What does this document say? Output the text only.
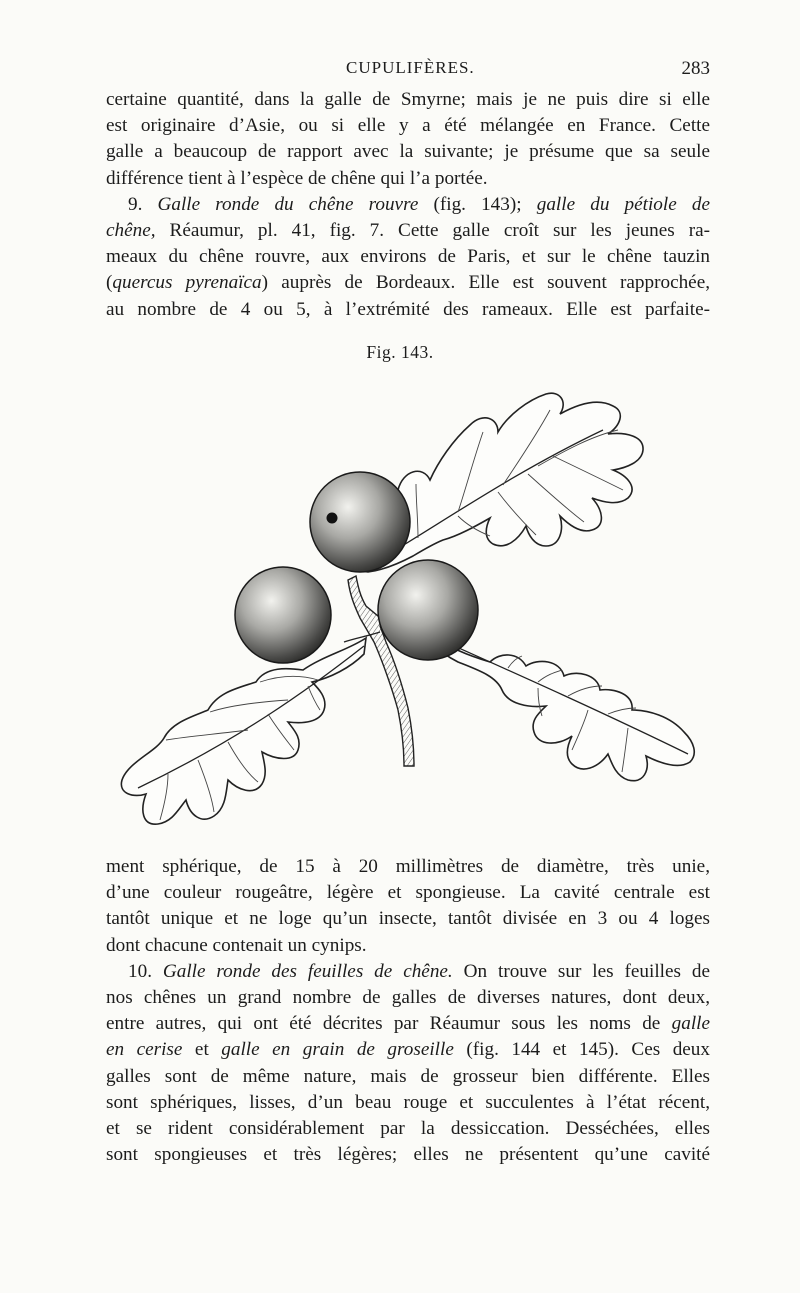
CUPULIFÈRES.	283
certaine quantité, dans la galle de Smyrne; mais je ne puis dire si elle
est originaire d’Asie, ou si elle y a été mélangée en France. Cette
galle a beaucoup de rapport avec la suivante; je présume que sa seule
différence tient à l’espèce de chêne qui l’a portée.
9. Galle ronde du chêne rouvre (fig. 143); galle du pétiole de
chêne, Réaumur, pl. 41, fig. 7. Cette galle croît sur les jeunes ra-
meaux du chêne rouvre, aux environs de Paris, et sur le chêne tauzin
(quercus pyrenaïca) auprès de Bordeaux. Elle est souvent rapprochée,
au nombre de 4 ou 5, à l’extrémité des rameaux. Elle est parfaite-
Fig. 143.
ment sphérique, de 15 à 20 millimètres de diamètre, très unie,
d’une couleur rougeâtre, légère et spongieuse. La cavité centrale est
tantôt unique et ne loge qu’un insecte, tantôt divisée en 3 ou 4 loges
dont chacune contenait un cynips.
10. Galle ronde des feuilles de chêne. On trouve sur les feuilles de
nos chênes un grand nombre de galles de diverses natures, dont deux,
entre autres, qui ont été décrites par Réaumur sous les noms de galle
en cerise et galle en grain de groseille (fig. 144 et 145). Ces deux
galles sont de même nature, mais de grosseur bien différente. Elles
sont sphériques, lisses, d’un beau rouge et succulentes à l’état récent,
et se rident considérablement par la dessiccation. Desséchées, elles
sont spongieuses et très légères; elles ne présentent qu’une cavité
